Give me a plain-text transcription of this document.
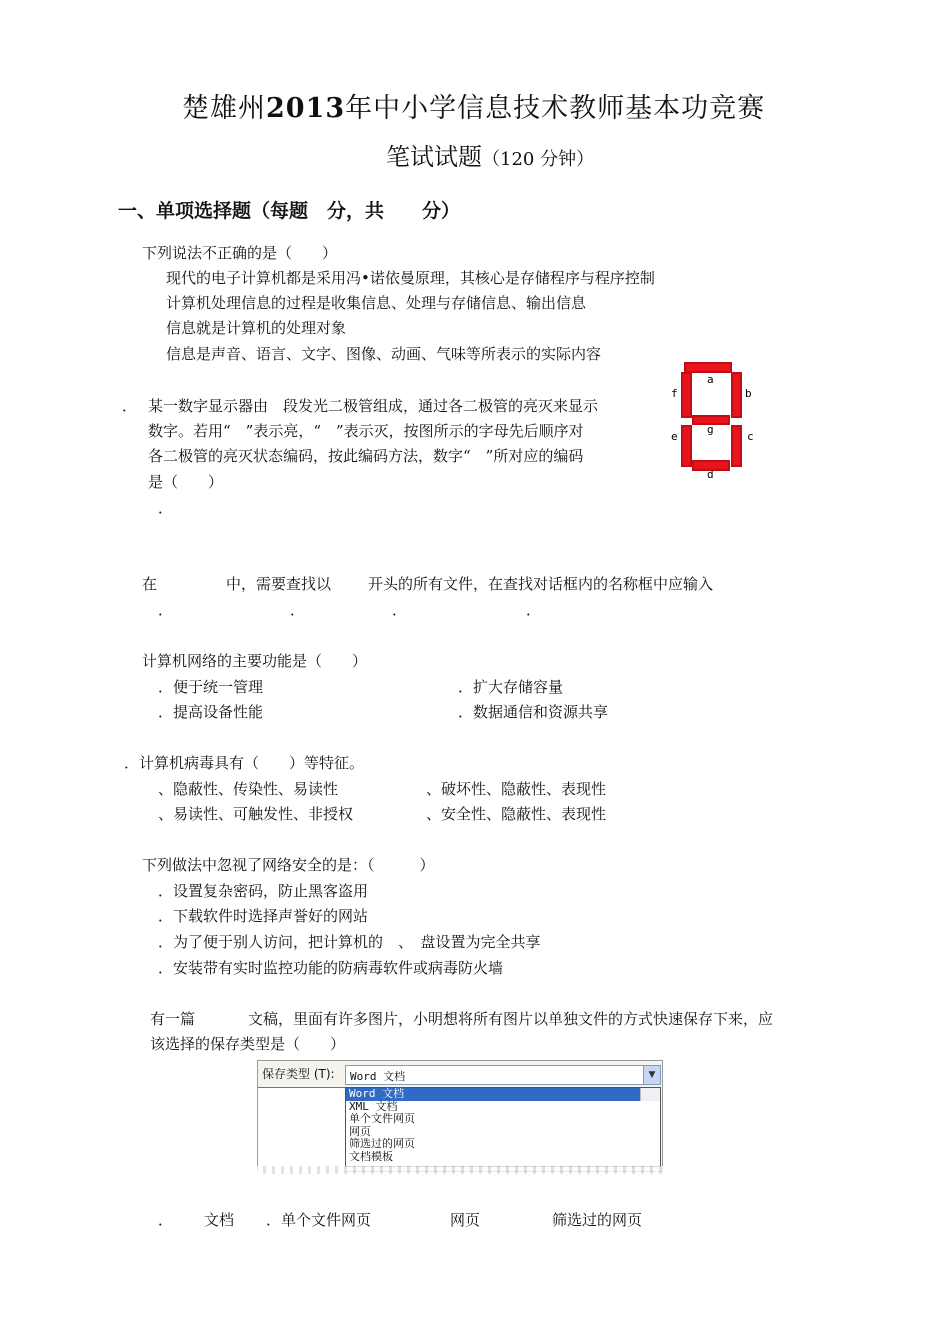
楚雄州2013年中小学信息技术教师基本功竞赛
笔试试题（120 分钟）
一、单项选择题（每题　分，共　　分）
下列说法不正确的是（　　）
现代的电子计算机都是采用冯•诺依曼原理，其核心是存储程序与程序控制
计算机处理信息的过程是收集信息、处理与存储信息、输出信息
信息就是计算机的处理对象
信息是声音、语言、文字、图像、动画、气味等所表示的实际内容
． 某一数字显示器由　段发光二极管组成，通过各二极管的亮灭来显示
数字。若用“　”表示亮，“　”表示灭，按图所示的字母先后顺序对
各二极管的亮灭状态编码，按此编码方法，数字“　”所对应的编码
是（　　）
．
a
f	b
g
e	c
d
在	中，需要查找以 开头的所有文件，在查找对话框内的名称框中应输入
．	．	．	．
计算机网络的主要功能是（　　）
．便于统一管理	．扩大存储容量
．提高设备性能	．数据通信和资源共享
．计算机病毒具有（　　）等特征。
、隐蔽性、传染性、易读性	、破坏性、隐蔽性、表现性
、易读性、可触发性、非授权	、安全性、隐蔽性、表现性
下列做法中忽视了网络安全的是：（　　　）
．设置复杂密码，防止黑客盗用
．下载软件时选择声誉好的网站
．为了便于别人访问，把计算机的　、　盘设置为完全共享
．安装带有实时监控功能的防病毒软件或病毒防火墙
有一篇	文稿，里面有许多图片，小明想将所有图片以单独文件的方式快速保存下来，应
该选择的保存类型是（　　）
保存类型 (T): Word 文档	▼
Word 文档
XML 文档
单个文件网页
网页
筛选过的网页
文档模板
． 文档 ．单个文件网页	网页	筛选过的网页
